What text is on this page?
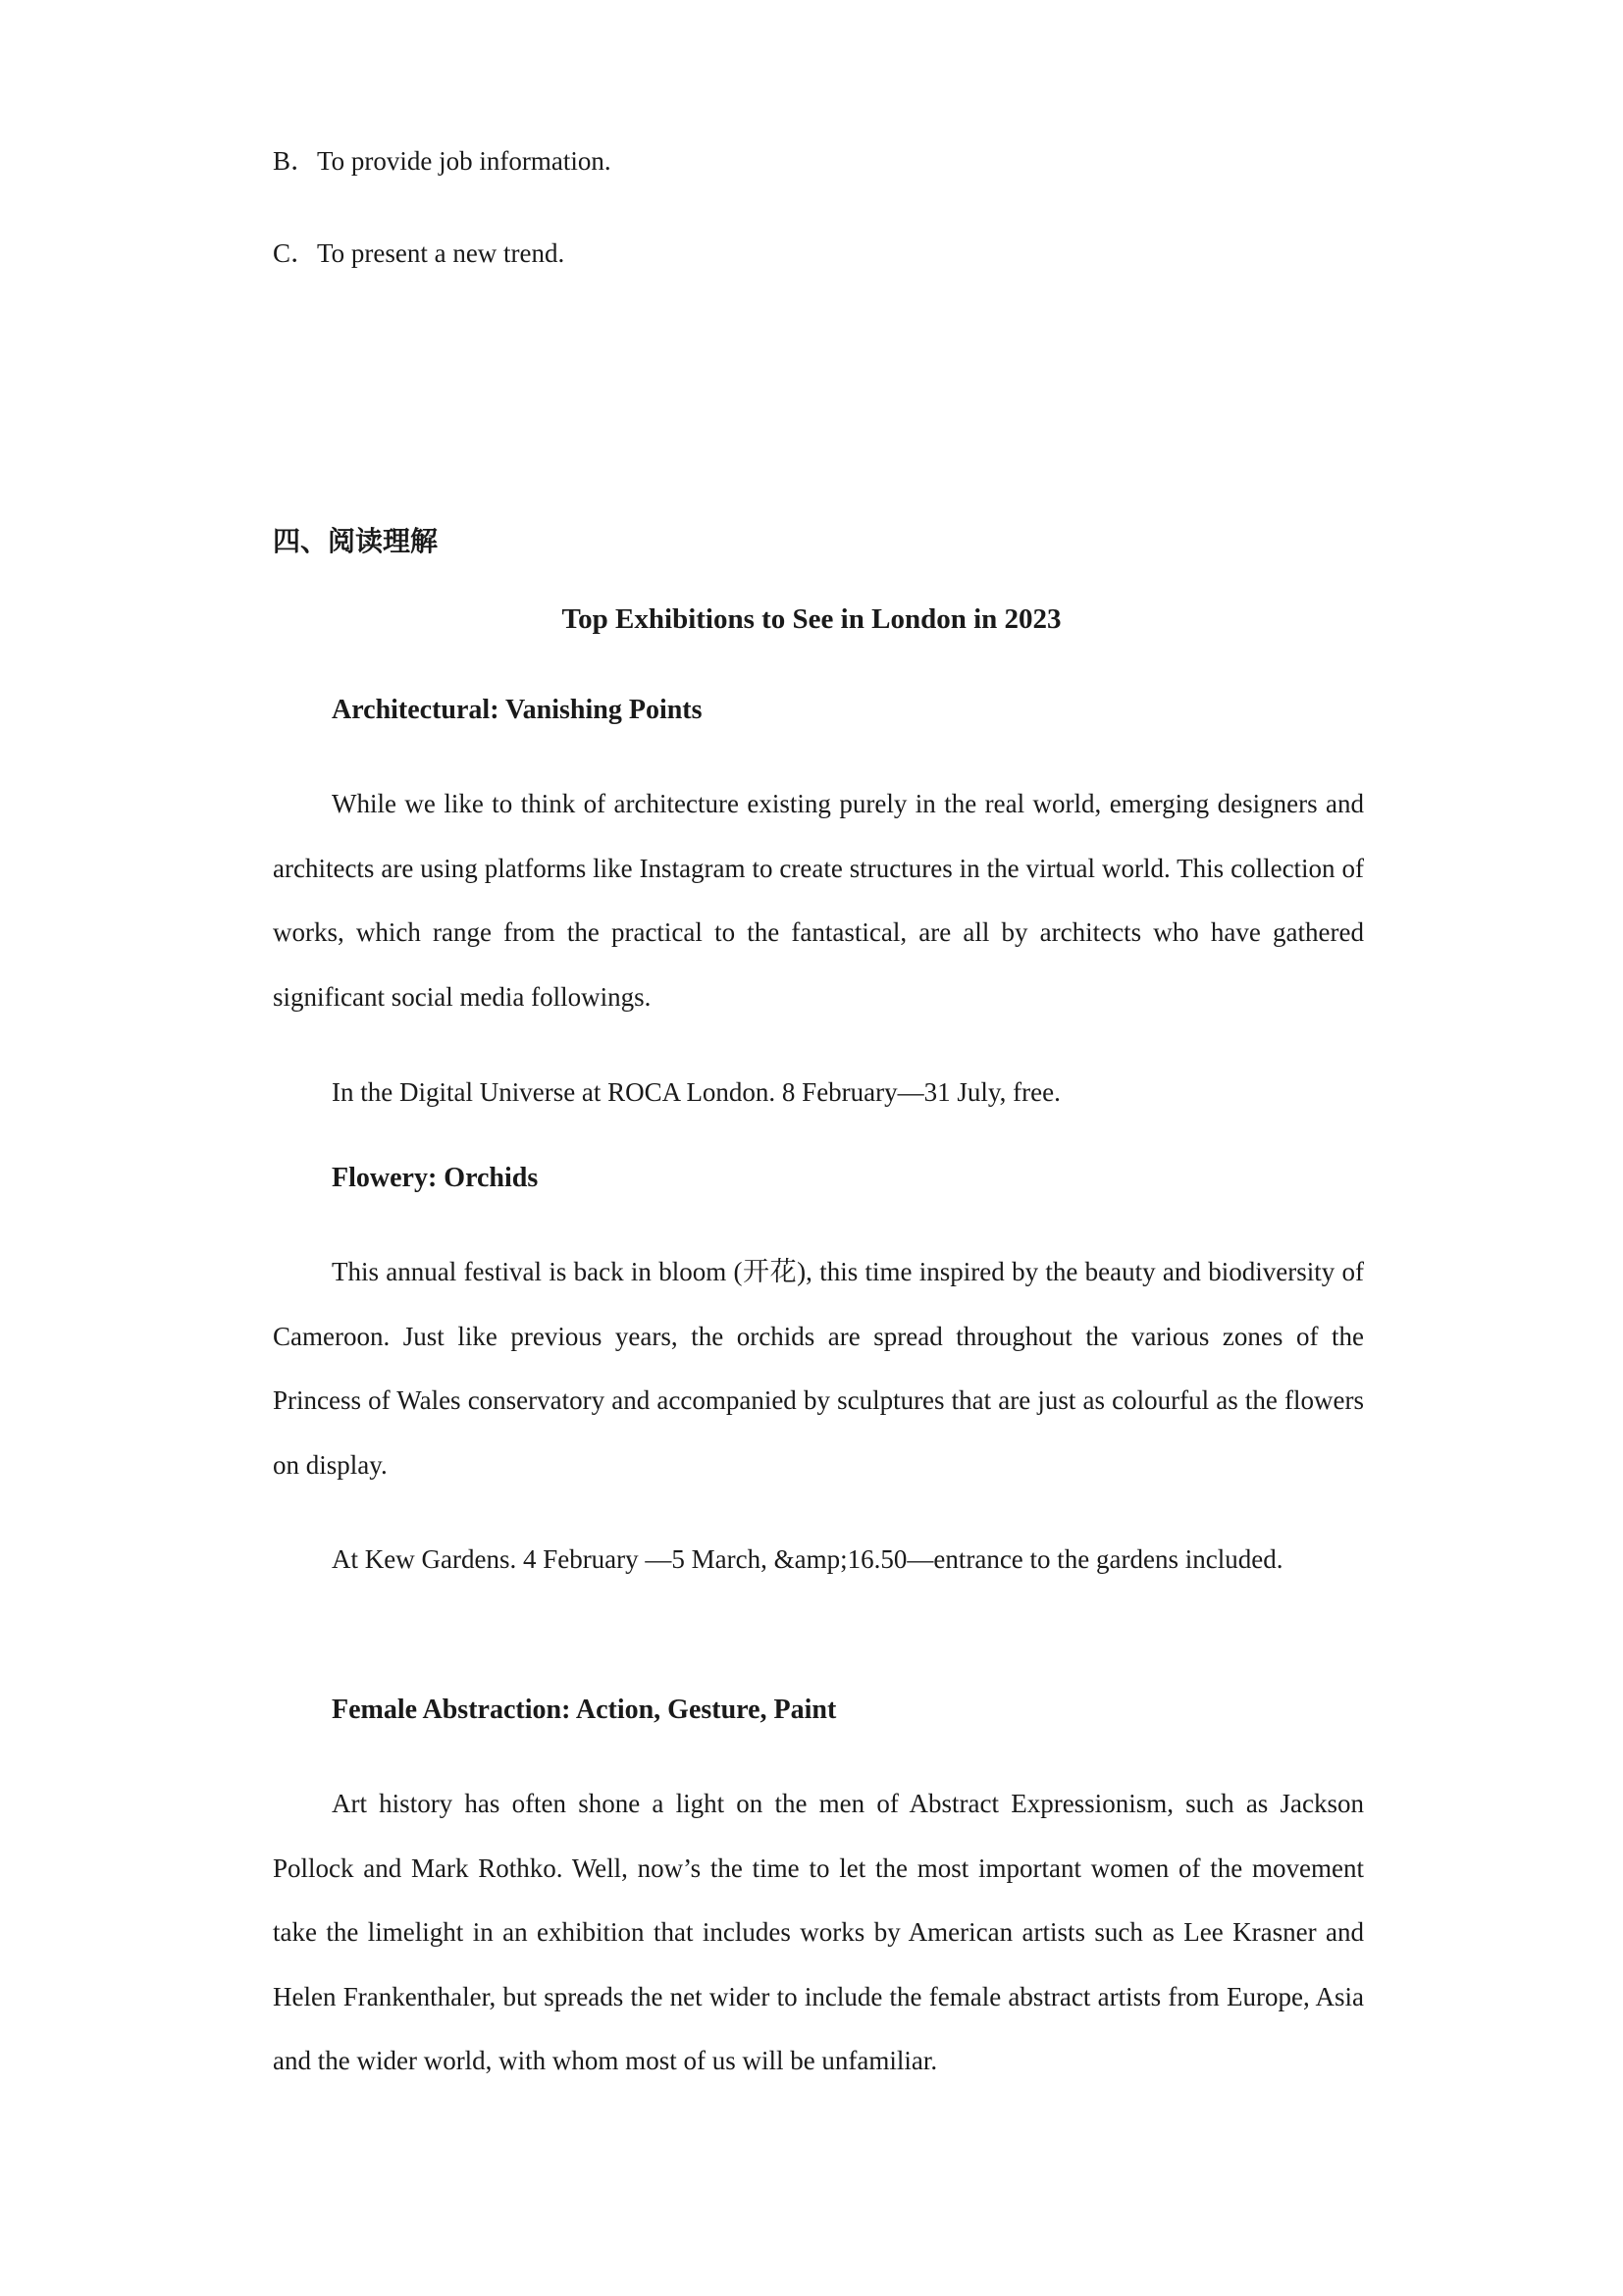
B．To provide job information.
C．To present a new trend.
四、阅读理解
Top Exhibitions to See in London in 2023
Architectural: Vanishing Points

While we like to think of architecture existing purely in the real world, emerging designers and architects are using platforms like Instagram to create structures in the virtual world. This collection of works, which range from the practical to the fantastical, are all by architects who have gathered significant social media followings.

In the Digital Universe at ROCA London. 8 February—31 July, free.

Flowery: Orchids

This annual festival is back in bloom (开花), this time inspired by the beauty and biodiversity of Cameroon. Just like previous years, the orchids are spread throughout the various zones of the Princess of Wales conservatory and accompanied by sculptures that are just as colourful as the flowers on display.

At Kew Gardens. 4 February —5 March, &amp;16.50—entrance to the gardens included.

Female Abstraction: Action, Gesture, Paint

Art history has often shone a light on the men of Abstract Expressionism, such as Jackson Pollock and Mark Rothko. Well, now’s the time to let the most important women of the movement take the limelight in an exhibition that includes works by American artists such as Lee Krasner and Helen Frankenthaler, but spreads the net wider to include the female abstract artists from Europe, Asia and the wider world, with whom most of us will be unfamiliar.
